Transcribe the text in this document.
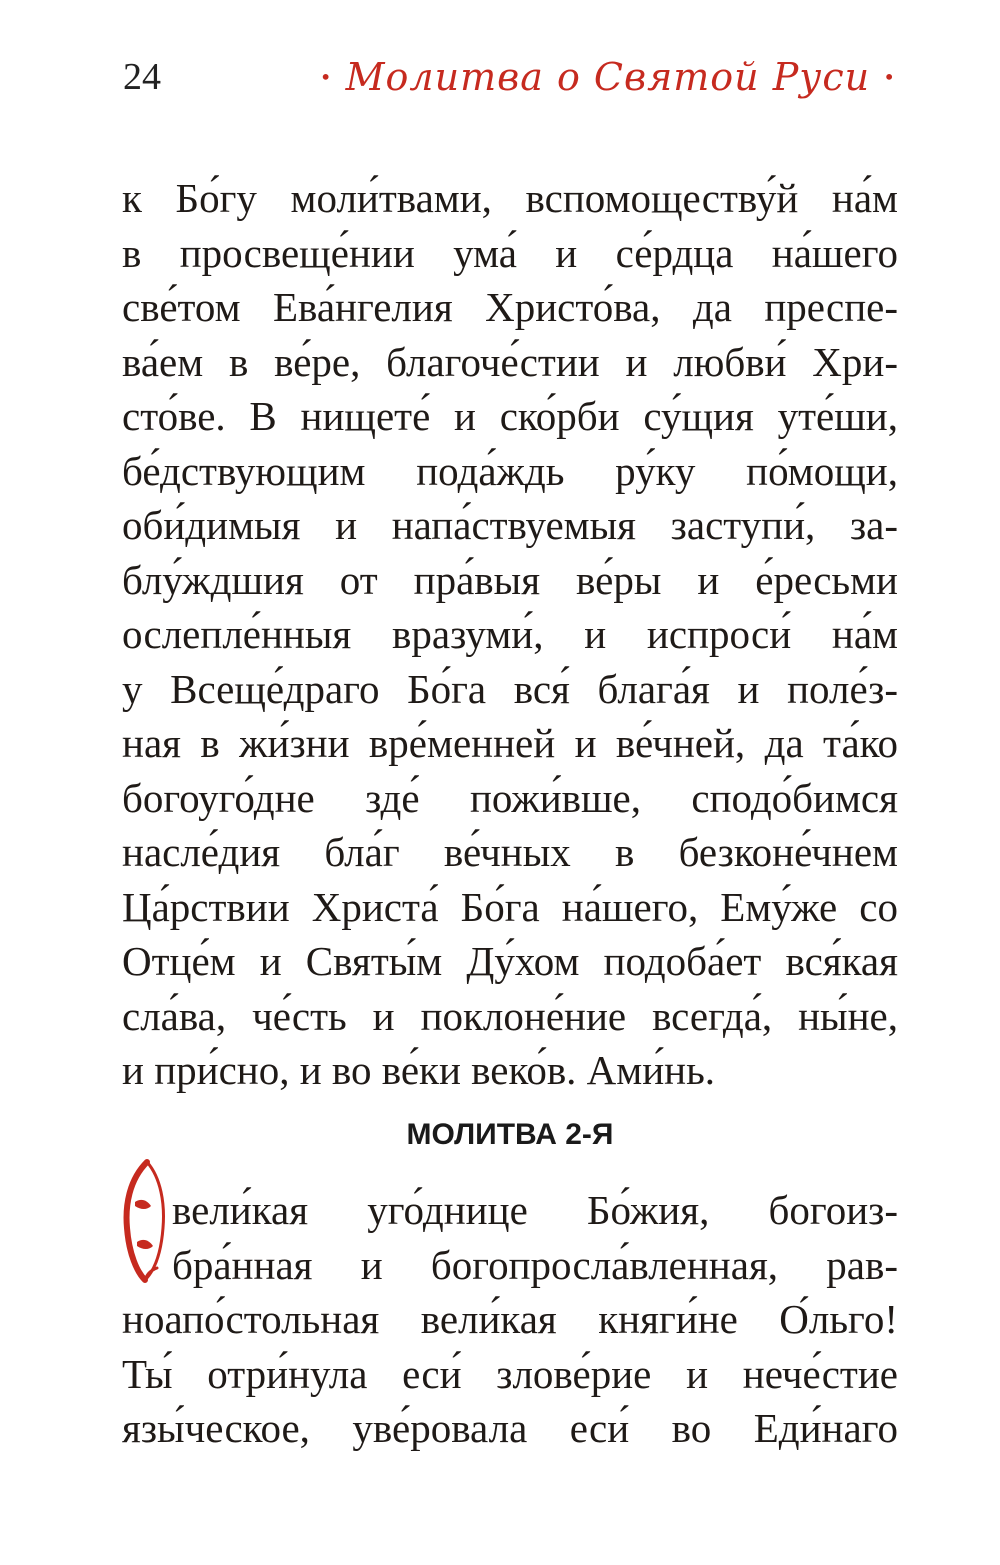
24	• Молитва о Святой Руси •
к Бо́гу моли́твами, вспомоществу́й на́м
в просвеще́нии ума́ и се́рдца на́шего
све́том Ева́нгелия Христо́ва, да преспе-
ва́ем в ве́ре, благоче́стии и любви́ Хри-
сто́ве. В нищете́ и ско́рби су́щия уте́ши,
бе́дствующим пода́ждь ру́ку по́мощи,
оби́димыя и напа́ствуемыя заступи́, за-
блу́ждшия от пра́выя ве́ры и е́ресьми
ослепле́нныя вразуми́, и испроси́ на́м
у Всеще́драго Бо́га вся́ блага́я и поле́з-
ная в жи́зни вре́менней и ве́чней, да та́ко
богоуго́дне зде́ пожи́вше, сподо́бимся
насле́дия бла́г ве́чных в безконе́чнем
Ца́рствии Христа́ Бо́га на́шего, Ему́же со
Отце́м и Святы́м Ду́хом подоба́ет вся́кая
сла́ва, че́сть и поклоне́ние всегда́, ны́не,
и при́сно, и во ве́ки веко́в. Ами́нь.
МОЛИТВА 2-Я
вели́кая уго́днице Бо́жия, богоиз-
бра́нная и богопросла́вленная, рав-
ноапо́стольная вели́кая княги́не О́льго!
Ты́ отри́нула еси́ злове́рие и нече́стие
язы́ческое, уве́ровала еси́ во Еди́наго
